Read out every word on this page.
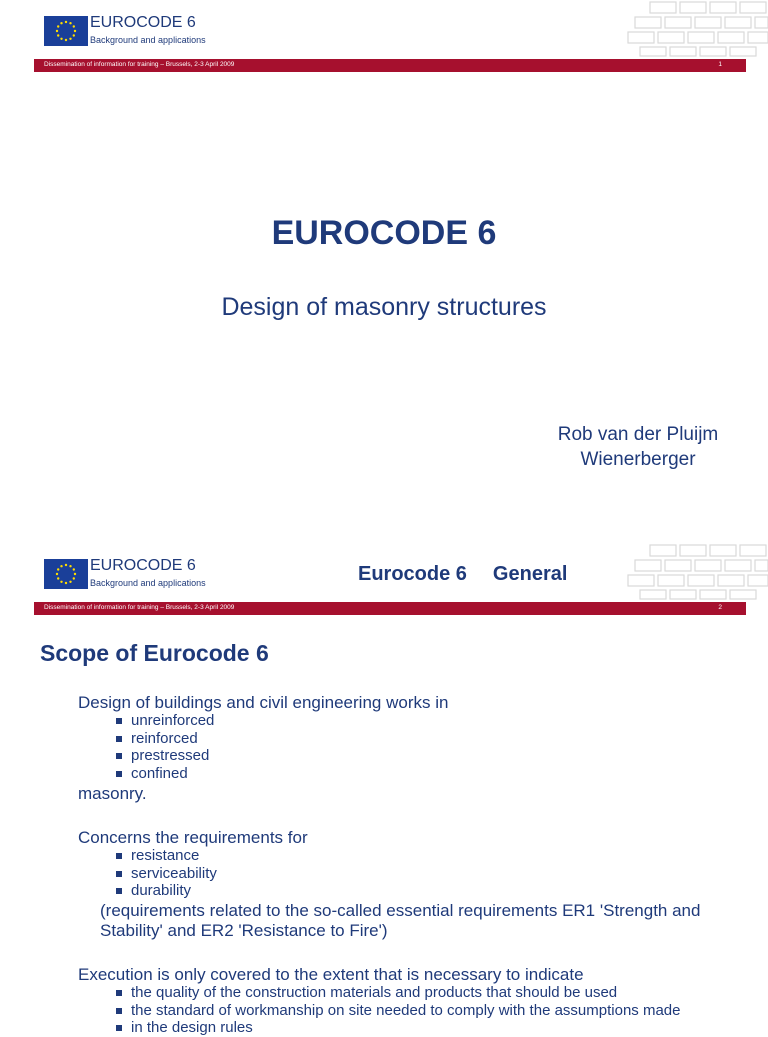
EUROCODE 6
Background and applications
Dissemination of information for training – Brussels, 2-3 April 2009	1
EUROCODE 6
Design of masonry structures
Rob van der Pluijm
Wienerberger
EUROCODE 6
Background and applications	Eurocode 6 General
Dissemination of information for training – Brussels, 2-3 April 2009	2
Scope of Eurocode 6
Design of buildings and civil engineering works in
unreinforced
reinforced
prestressed
confined
masonry.
Concerns the requirements for
resistance
serviceability
durability
(requirements related to the so-called essential requirements ER1 'Strength and Stability' and ER2 'Resistance to Fire')
Execution is only covered to the extent that is necessary to indicate
the quality of the construction materials and products that should be used
the standard of workmanship on site needed to comply with the assumptions made
in the design rules
